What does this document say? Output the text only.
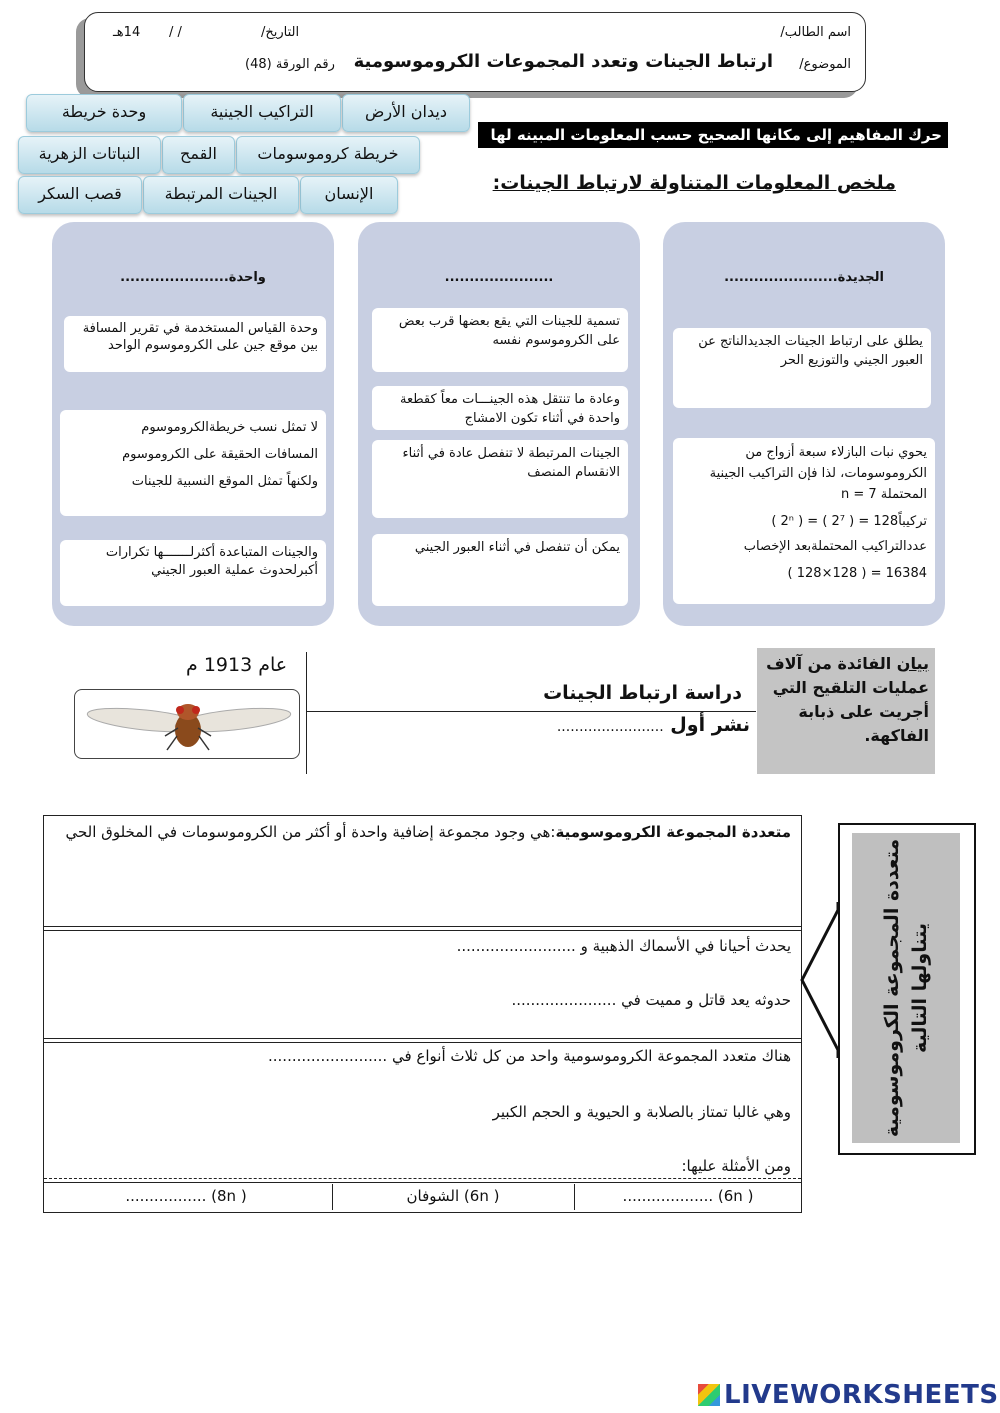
اسم الطالب/
التاريخ/
/ /
14هـ
الموضوع/
ارتباط الجينات وتعدد المجموعات الكروموسومية
رقم الورقة (48)
ديدان الأرض
التراكيب الجينية
وحدة خريطة
خريطة كروموسومات
القمح
النباتات الزهرية
الإنسان
الجينات المرتبطة
قصب السكر
حرك المفاهيم إلى مكانها الصحيح حسب المعلومات المبينه لها
ملخص المعلومات المتناولة لارتباط الجينات:
الجديدة.......................
يطلق على ارتباط الجينات الجديدالناتج عن العبور الجيني والتوزيع الحر
يحوي نبات البازلاء سبعة أزواج من الكروموسومات، لذا فإن التراكيب الجينية المحتملة n = 7
( 2ⁿ ) = ( 2⁷ ) = 128تركيباً
عددالتراكيب المحتملةبعد الإخصاب
( 128×128 ) = 16384
......................
تسمية للجينات التي يقع بعضها قرب بعض على الكروموسوم نفسه
وعادة ما تنتقل هذه الجينـــات معاً كقطعة واحدة في أثناء تكون الامشاج
الجينات المرتبطة لا تنفصل عادة في أثناء الانقسام المنصف
يمكن أن تنفصل في أثناء العبور الجيني
واحدة......................
وحدة القياس المستخدمة في تقرير المسافة بين موقع جين على الكروموسوم الواحد
لا تمثل نسب خريطةالكروموسوم
المسافات الحقيقة على الكروموسوم
ولكنهاً تمثل الموقع النسبية للجينات
والجينات المتباعدة أكثرلـــــــها تكرارات أكبرلحدوث عملية العبور الجيني
عام 1913 م
دراسة ارتباط الجينات
نشر أول ........................
بيان الفائدة من آلاف عمليات التلقيح التي أجريت على ذبابة الفاكهة.
متعددة المجموعة الكروموسومية:هي وجود مجموعة إضافية واحدة أو أكثر من الكروموسومات في المخلوق الحي
يحدث أحيانا في الأسماك الذهبية و .........................
حدوثه يعد قاتل و مميت في ......................
هناك متعدد المجموعة الكروموسومية واحد من كل ثلاث أنواع في .........................
وهي غالبا تمتاز بالصلابة و الحيوية و الحجم الكبير
ومن الأمثلة عليها:
( 6n) ...................
( 6n) الشوفان
( 8n) .................
متعددة المجموعة الكروموسومية يتناولها التالية
LIVEWORKSHEETS
